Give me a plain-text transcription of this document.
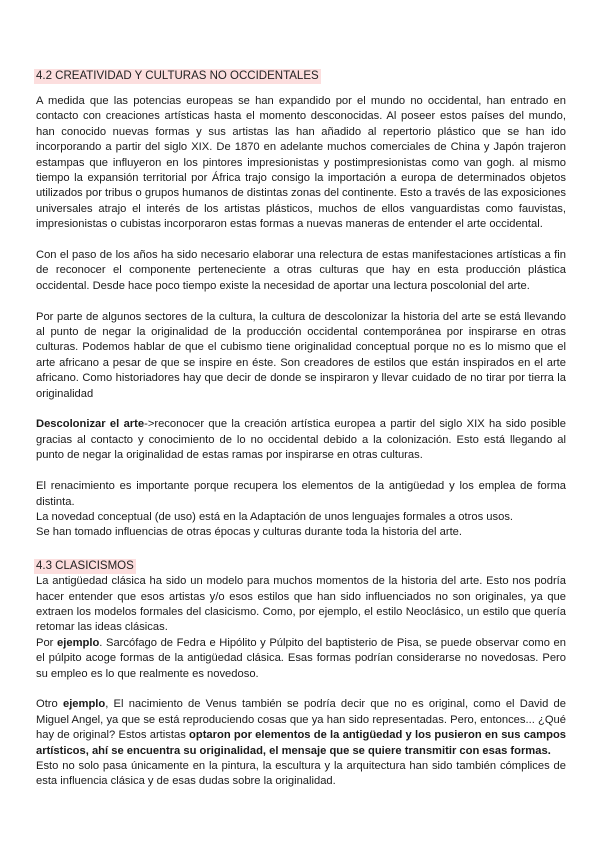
4.2 CREATIVIDAD Y CULTURAS NO OCCIDENTALES

A medida que las potencias europeas se han expandido por el mundo no occidental, han entrado en contacto con creaciones artísticas hasta el momento desconocidas. Al poseer estos países del mundo, han conocido nuevas formas y sus artistas las han añadido al repertorio plástico que se han ido incorporando a partir del siglo XIX. De 1870 en adelante muchos comerciales de China y Japón trajeron estampas que influyeron en los pintores impresionistas y postimpresionistas como van gogh. al mismo tiempo la expansión territorial por África trajo consigo la importación a europa de determinados objetos utilizados por tribus o grupos humanos de distintas zonas del continente. Esto a través de las exposiciones universales atrajo el interés de los artistas plásticos, muchos de ellos vanguardistas como fauvistas, impresionistas o cubistas incorporaron estas formas a nuevas maneras de entender el arte occidental.

Con el paso de los años ha sido necesario elaborar una relectura de estas manifestaciones artísticas a fin de reconocer el componente perteneciente a otras culturas que hay en esta producción plástica occidental. Desde hace poco tiempo existe la necesidad de aportar una lectura poscolonial del arte.

Por parte de algunos sectores de la cultura, la cultura de descolonizar la historia del arte se está llevando al punto de negar la originalidad de la producción occidental contemporánea por inspirarse en otras culturas. Podemos hablar de que el cubismo tiene originalidad conceptual porque no es lo mismo que el arte africano a pesar de que se inspire en éste. Son creadores de estilos que están inspirados en el arte africano. Como historiadores hay que decir de donde se inspiraron y llevar cuidado de no tirar por tierra la originalidad

Descolonizar el arte->reconocer que la creación artística europea a partir del siglo XIX ha sido posible gracias al contacto y conocimiento de lo no occidental debido a la colonización. Esto está llegando al punto de negar la originalidad de estas ramas por inspirarse en otras culturas.

El renacimiento es importante porque recupera los elementos de la antigüedad y los emplea de forma distinta.

La novedad conceptual (de uso) está en la Adaptación de unos lenguajes formales a otros usos.

Se han tomado influencias de otras épocas y culturas durante toda la historia del arte.

4.3 CLASICISMOS

La antigüedad clásica ha sido un modelo para muchos momentos de la historia del arte. Esto nos podría hacer entender que esos artistas y/o esos estilos que han sido influenciados no son originales, ya que extraen los modelos formales del clasicismo. Como, por ejemplo, el estilo Neoclásico, un estilo que quería retomar las ideas clásicas.

Por ejemplo. Sarcófago de Fedra e Hipólito y Púlpito del baptisterio de Pisa, se puede observar como en el púlpito acoge formas de la antigüedad clásica. Esas formas podrían considerarse no novedosas. Pero su empleo es lo que realmente es novedoso.

Otro ejemplo, El nacimiento de Venus también se podría decir que no es original, como el David de Miguel Angel, ya que se está reproduciendo cosas que ya han sido representadas. Pero, entonces... ¿Qué hay de original? Estos artistas optaron por elementos de la antigüedad y los pusieron en sus campos artísticos, ahí se encuentra su originalidad, el mensaje que se quiere transmitir con esas formas.

Esto no solo pasa únicamente en la pintura, la escultura y la arquitectura han sido también cómplices de esta influencia clásica y de esas dudas sobre la originalidad.
